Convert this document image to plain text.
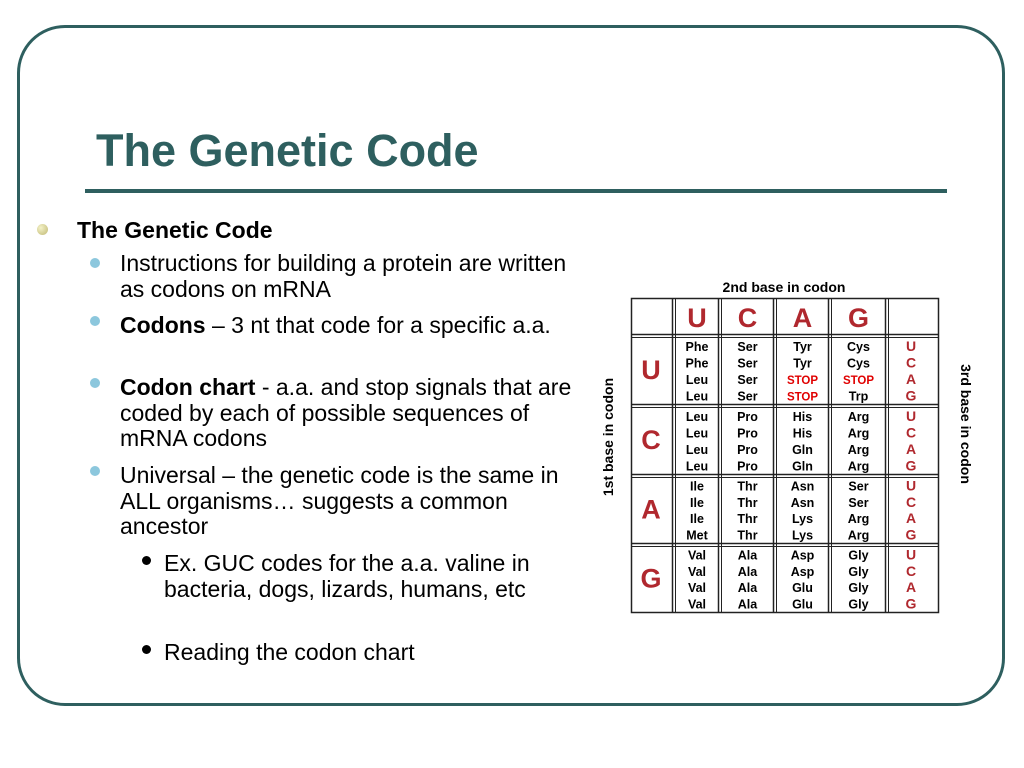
The Genetic Code
The Genetic Code
Instructions for building a protein are written as codons on mRNA
Codons – 3 nt that code for a specific a.a.
Codon chart - a.a. and stop signals that are coded by each of possible sequences of mRNA codons
Universal – the genetic code is the same in ALL organisms… suggests a common ancestor
Ex. GUC codes for the a.a. valine in bacteria, dogs, lizards, humans, etc
Reading the codon chart
2nd base in codon
1st base in codon	3rd base in codon
U C A G
U
U
C
A
G
Phe
Phe
Leu
Leu
Ser
Ser
Ser
Ser
Tyr
Tyr
STOP
STOP
Cys
Cys
STOP
Trp
C
U
C
A
G
Leu
Leu
Leu
Leu
Pro
Pro
Pro
Pro
His
His
Gln
Gln
Arg
Arg
Arg
Arg
A
U
C
A
G
Ile
Ile
Ile
Met
Thr
Thr
Thr
Thr
Asn
Asn
Lys
Lys
Ser
Ser
Arg
Arg
G
U
C
A
G
Val
Val
Val
Val
Ala
Ala
Ala
Ala
Asp
Asp
Glu
Glu
Gly
Gly
Gly
Gly
